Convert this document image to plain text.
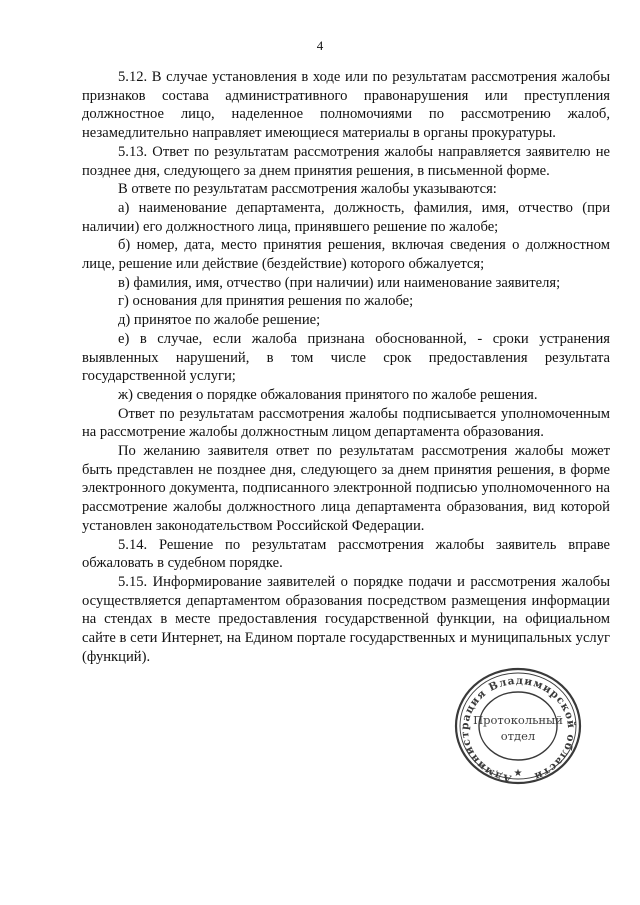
4

5.12. В случае установления в ходе или по результатам рассмотрения жалобы признаков состава административного правонарушения или преступления должностное лицо, наделенное полномочиями по рассмотрению жалоб, незамедлительно направляет имеющиеся материалы в органы прокуратуры.

5.13. Ответ по результатам рассмотрения жалобы направляется заявителю не позднее дня, следующего за днем принятия решения, в письменной форме.

В ответе по результатам рассмотрения жалобы указываются:

а) наименование департамента, должность, фамилия, имя, отчество (при наличии) его должностного лица, принявшего решение по жалобе;

б) номер, дата, место принятия решения, включая сведения о должностном лице, решение или действие (бездействие) которого обжалуется;

в) фамилия, имя, отчество (при наличии) или наименование заявителя;

г) основания для принятия решения по жалобе;

д) принятое по жалобе решение;

е) в случае, если жалоба признана обоснованной, - сроки устранения выявленных нарушений, в том числе срок предоставления результата государственной услуги;

ж) сведения о порядке обжалования принятого по жалобе решения.

Ответ по результатам рассмотрения жалобы подписывается уполномоченным на рассмотрение жалобы должностным лицом департамента образования.

По желанию заявителя ответ по результатам рассмотрения жалобы может быть представлен не позднее дня, следующего за днем принятия решения, в форме электронного документа, подписанного электронной подписью уполномоченного на рассмотрение жалобы должностного лица департамента образования, вид которой установлен законодательством Российской Федерации.

5.14. Решение по результатам рассмотрения жалобы заявитель вправе обжаловать в судебном порядке.

5.15. Информирование заявителей о порядке подачи и рассмотрения жалобы осуществляется департаментом образования посредством размещения информации на стендах в месте предоставления государственной функции, на официальном сайте в сети Интернет, на Едином портале государственных и муниципальных услуг (функций).

Администрация Владимирской области
★
Протокольный
отдел
